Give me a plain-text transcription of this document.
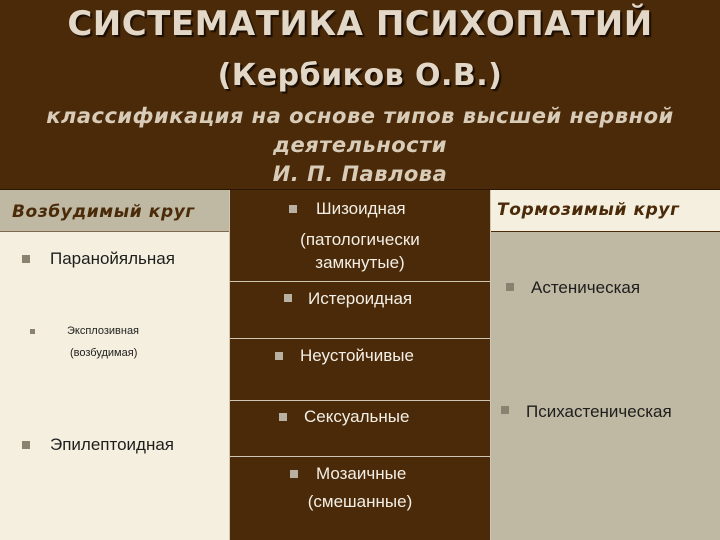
СИСТЕМАТИКА ПСИХОПАТИЙ
(Кербиков О.В.)
классификация на основе типов высшей нервной
деятельности
И. П. Павлова
Возбудимый круг
Паранойяльная
Эксплозивная
(возбудимая)
Эпилептоидная
Шизоидная
(патологически
замкнутые)
Истероидная
Неустойчивые
Сексуальные
Мозаичные
(смешанные)
Тормозимый круг
Астеническая
Психастеническая
